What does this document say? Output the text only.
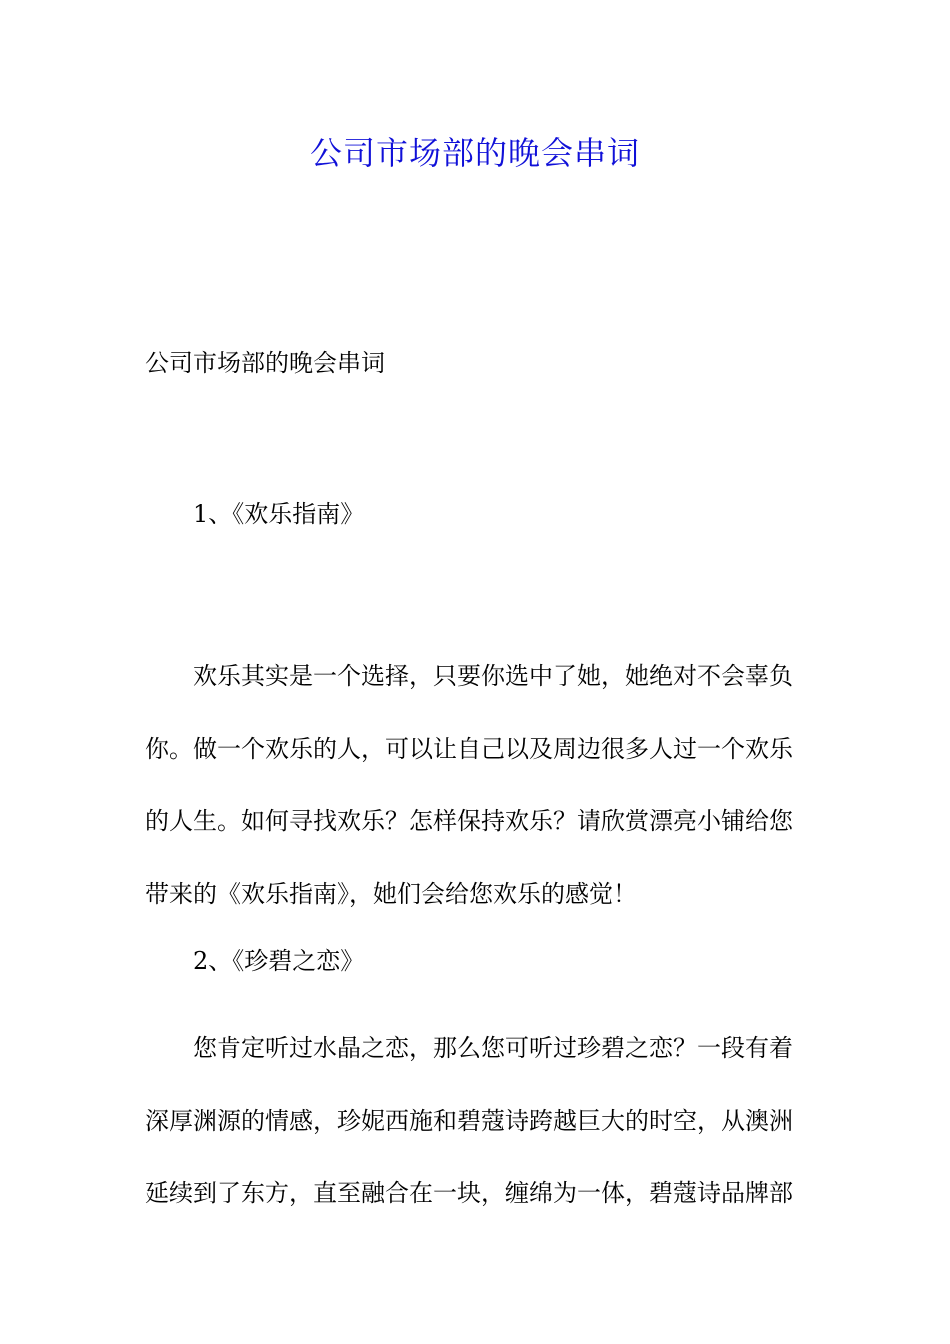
公司市场部的晚会串词

公司市场部的晚会串词

1、《欢乐指南》

欢乐其实是一个选择，只要你选中了她，她绝对不会辜负
你。做一个欢乐的人，可以让自己以及周边很多人过一个欢乐
的人生。如何寻找欢乐？怎样保持欢乐？请欣赏漂亮小铺给您
带来的《欢乐指南》，她们会给您欢乐的感觉！

2、《珍碧之恋》

您肯定听过水晶之恋，那么您可听过珍碧之恋？一段有着
深厚渊源的情感，珍妮西施和碧蔻诗跨越巨大的时空，从澳洲
延续到了东方，直至融合在一块，缠绵为一体，碧蔻诗品牌部
